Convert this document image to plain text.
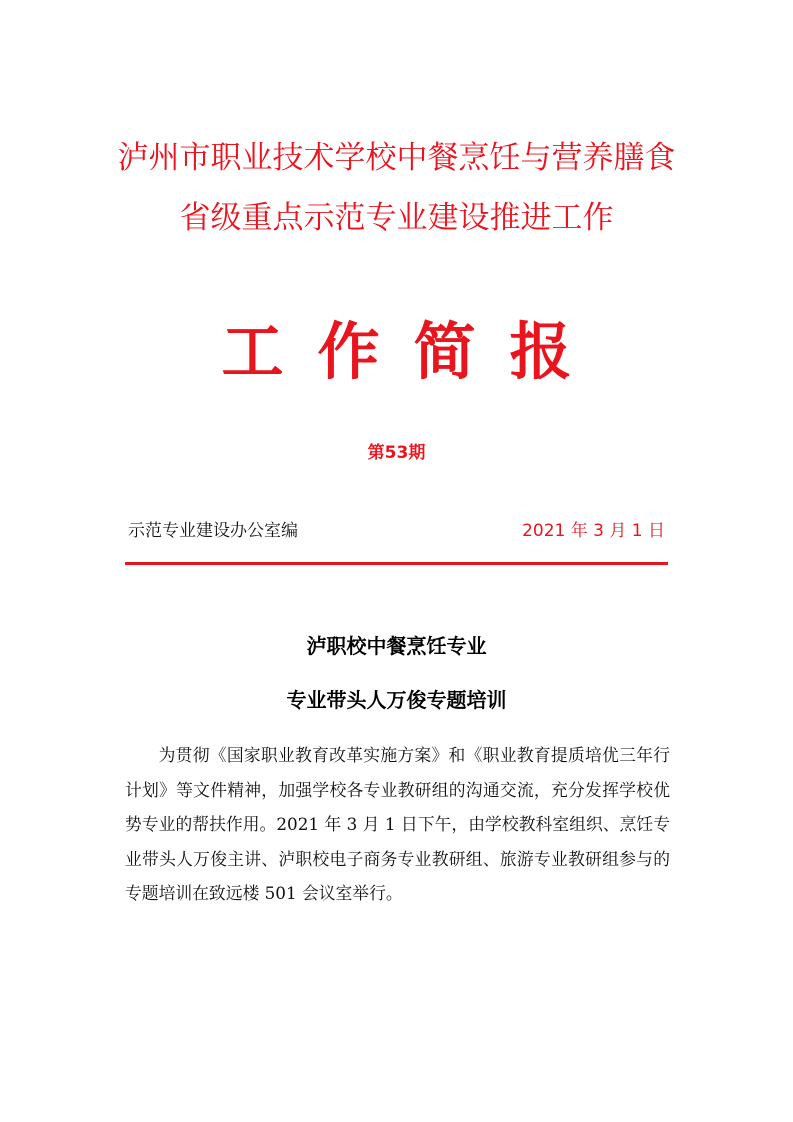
泸州市职业技术学校中餐烹饪与营养膳食
省级重点示范专业建设推进工作
工作简报
第53期
示范专业建设办公室编	2021 年 3 月 1 日
泸职校中餐烹饪专业
专业带头人万俊专题培训
为贯彻《国家职业教育改革实施方案》和《职业教育提质培优三年行计划》等文件精神，加强学校各专业教研组的沟通交流，充分发挥学校优势专业的帮扶作用。2021 年 3 月 1 日下午，由学校教科室组织、烹饪专业带头人万俊主讲、泸职校电子商务专业教研组、旅游专业教研组参与的专题培训在致远楼 501 会议室举行。
